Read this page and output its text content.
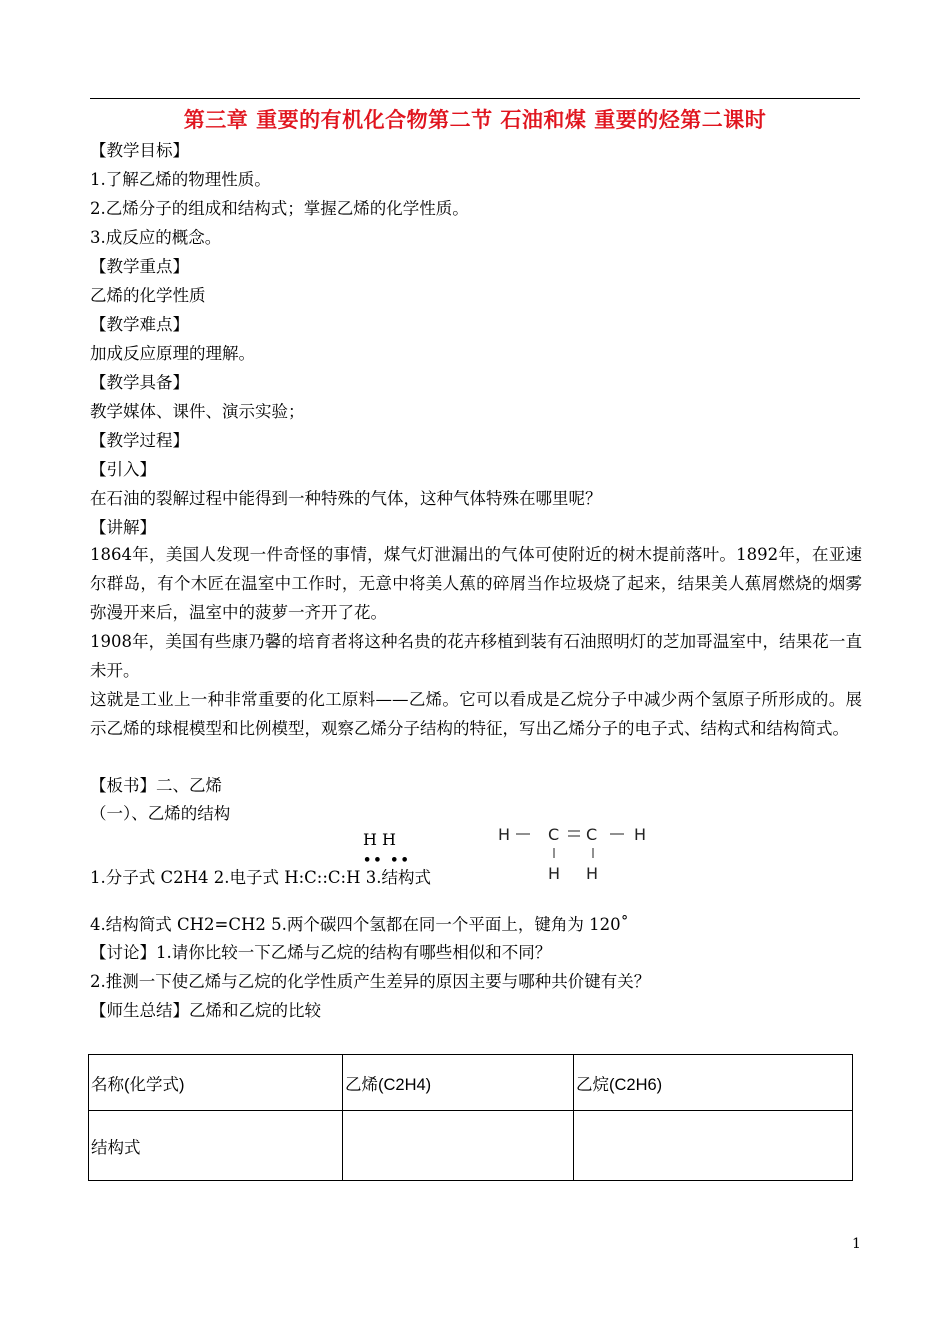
第三章 重要的有机化合物第二节 石油和煤 重要的烃第二课时
【教学目标】
1.了解乙烯的物理性质。
2.乙烯分子的组成和结构式；掌握乙烯的化学性质。
3.成反应的概念。
【教学重点】
乙烯的化学性质
【教学难点】
加成反应原理的理解。
【教学具备】
教学媒体、课件、演示实验；
【教学过程】
【引入】
在石油的裂解过程中能得到一种特殊的气体，这种气体特殊在哪里呢？
【讲解】
1864年，美国人发现一件奇怪的事情，煤气灯泄漏出的气体可使附近的树木提前落叶。1892年，在亚速尔群岛，有个木匠在温室中工作时，无意中将美人蕉的碎屑当作垃圾烧了起来，结果美人蕉屑燃烧的烟雾弥漫开来后，温室中的菠萝一齐开了花。
1908年，美国有些康乃馨的培育者将这种名贵的花卉移植到装有石油照明灯的芝加哥温室中，结果花一直未开。
这就是工业上一种非常重要的化工原料——乙烯。它可以看成是乙烷分子中减少两个氢原子所形成的。展示乙烯的球棍模型和比例模型，观察乙烯分子结构的特征，写出乙烯分子的电子式、结构式和结构简式。
【板书】二、乙烯
（一）、乙烯的结构
H H
•• ••
1.分子式 C2H4 2.电子式 H:C::C:H 3.结构式
H C C H
H H
4.结构简式 CH2=CH2 5.两个碳四个氢都在同一个平面上，键角为 120˚
【讨论】1.请你比较一下乙烯与乙烷的结构有哪些相似和不同？
2.推测一下使乙烯与乙烷的化学性质产生差异的原因主要与哪种共价键有关？
【师生总结】乙烯和乙烷的比较
名称(化学式)	乙烯(C2H4)	乙烷(C2H6)
结构式		
1
